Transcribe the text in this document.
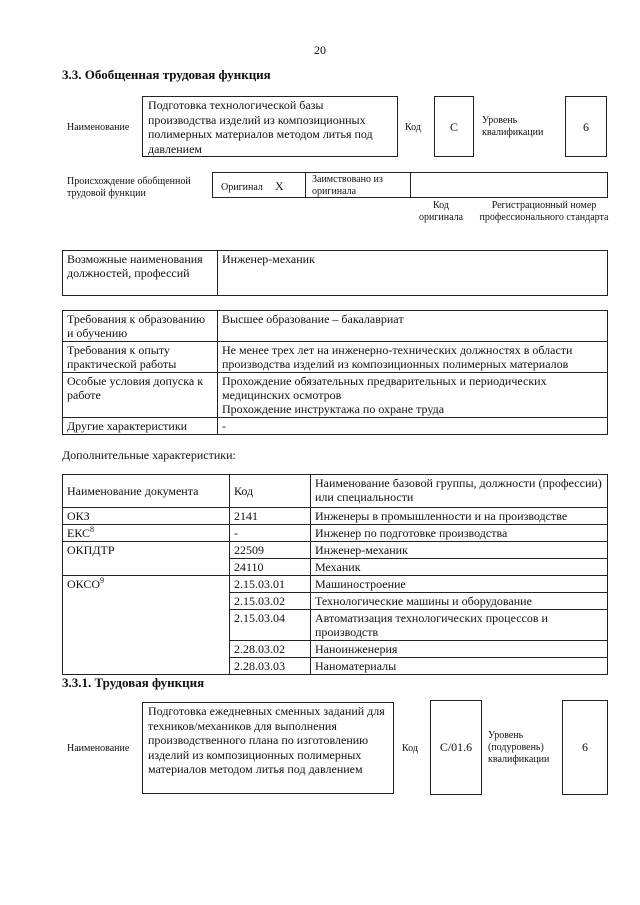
20
3.3. Обобщенная трудовая функция
Наименование
Подготовка технологической базы производства изделий из композиционных полимерных материалов методом литья под давлением
Код	C	Уровень квалификации	6
Происхождение обобщенной трудовой функции
Оригинал X	Заимствовано из оригинала
Код оригинала
Регистрационный номер профессионального стандарта
Возможные наименования должностей, профессий	Инженер-механик
Требования к образованию и обучению	Высшее образование – бакалавриат
Требования к опыту практической работы	Не менее трех лет на инженерно-технических должностях в области производства изделий из композиционных полимерных материалов
Особые условия допуска к работе	Прохождение обязательных предварительных и периодических медицинских осмотров
Прохождение инструктажа по охране труда

Другие характеристики	-
Дополнительные характеристики:
Наименование документа	Код	Наименование базовой группы, должности (профессии) или специальности
ОКЗ	2141	Инженеры в промышленности и на производстве
ЕКС$^8$	-	Инженер по подготовке производства
ОКПДТР	22509	Инженер-механик
	24110	Механик
ОКСО$^9$	2.15.03.01	Машиностроение
	2.15.03.02	Технологические машины и оборудование
	2.15.03.04	Автоматизация технологических процессов и производств
	2.28.03.02	Наноинженерия
	2.28.03.03	Наноматериалы
3.3.1. Трудовая функция
Наименование
Подготовка ежедневных сменных заданий для техников/механиков для выполнения производственного плана по изготовлению изделий из композиционных полимерных материалов методом литья под давлением
Код	C/01.6
Уровень (подуровень) квалификации
6
